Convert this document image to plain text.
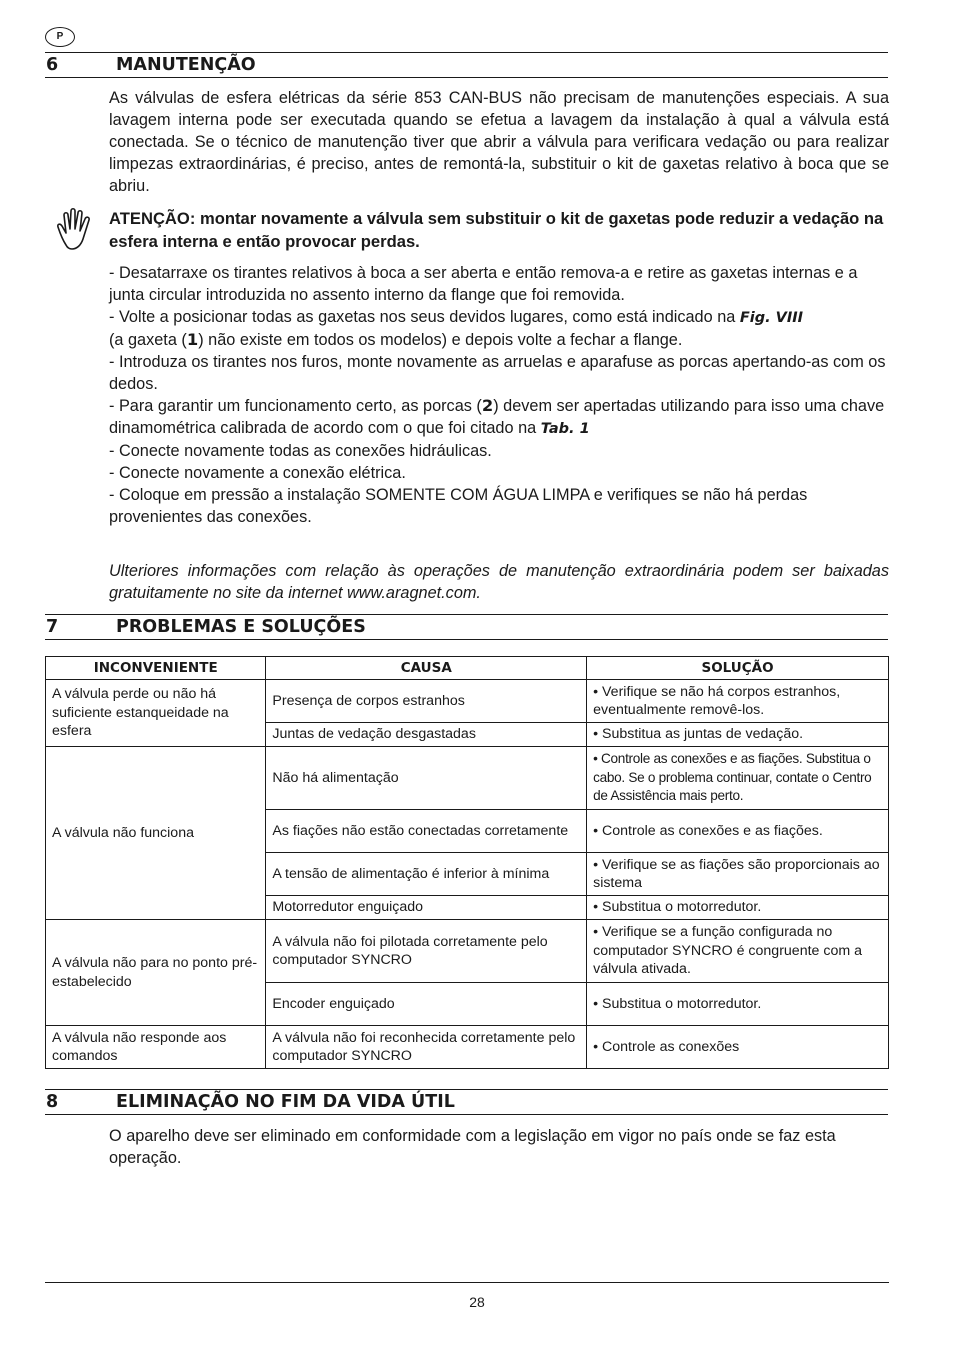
P
6	MANUTENÇÃO
As válvulas de esfera elétricas da série 853 CAN-BUS não precisam de manutenções especiais. A sua lavagem interna pode ser executada quando se efetua a lavagem da instalação à qual a válvula está conectada. Se o técnico de manutenção tiver que abrir a válvula para verificara vedação ou para realizar limpezas extraordinárias, é preciso, antes de remontá-la, substituir o kit de gaxetas relativo à boca que se abriu.
ATENÇÃO: montar novamente a válvula sem substituir o kit de gaxetas pode reduzir a vedação na esfera interna e então provocar perdas.

- Desatarraxe os tirantes relativos à boca a ser aberta e então remova-a e retire as gaxetas internas e a junta circular introduzida no assento interno da flange que foi removida.

- Volte a posicionar todas as gaxetas nos seus devidos lugares, como está indicado na Fig. VIII
(a gaxeta (1) não existe em todos os modelos) e depois volte a fechar a flange.

- Introduza os tirantes nos furos, monte novamente as arruelas e aparafuse as porcas apertando-as com os dedos.

- Para garantir um funcionamento certo, as porcas (2) devem ser apertadas utilizando para isso uma chave
dinamométrica calibrada de acordo com o que foi citado na Tab. 1

- Conecte novamente todas as conexões hidráulicas.

- Conecte novamente a conexão elétrica.

- Coloque em pressão a instalação SOMENTE COM ÁGUA LIMPA e verifiques se não há perdas provenientes das conexões.

Ulteriores informações com relação às operações de manutenção extraordinária podem ser baixadas gratuitamente no site da internet www.aragnet.com.
7	PROBLEMAS E SOLUÇÕES
INCONVENIENTE	CAUSA	SOLUÇÃO
A válvula perde ou não há suficiente estanqueidade na esfera	Presença de corpos estranhos	• Verifique se não há corpos estranhos, eventualmente removê-los.
	Juntas de vedação desgastadas	• Substitua as juntas de vedação.
A válvula não funciona	Não há alimentação	• Controle as conexões e as fiações. Substitua o cabo. Se o problema continuar, contate o Centro de Assistência mais perto.
	As fiações não estão conectadas corretamente	• Controle as conexões e as fiações.
	A tensão de alimentação é inferior à mínima	• Verifique se as fiações são proporcionais ao sistema
	Motorredutor enguiçado	• Substitua o motorredutor.
A válvula não para no ponto pré-estabelecido	A válvula não foi pilotada corretamente pelo computador SYNCRO	• Verifique se a função configurada no computador SYNCRO é congruente com a válvula ativada.
	Encoder enguiçado	• Substitua o motorredutor.
A válvula não responde aos comandos	A válvula não foi reconhecida corretamente pelo computador SYNCRO	• Controle as conexões
8	ELIMINAÇÃO NO FIM DA VIDA ÚTIL
O aparelho deve ser eliminado em conformidade com a legislação em vigor no país onde se faz esta operação.
28
